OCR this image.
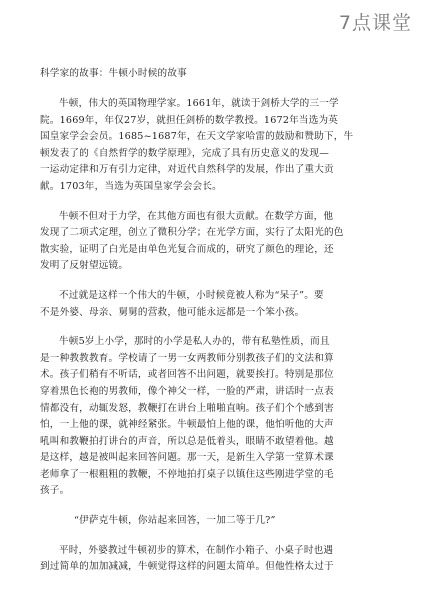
7点课堂
科学家的故事：牛顿小时候的故事
牛顿，伟大的英国物理学家。1661年，就读于剑桥大学的三一学
院。1669年，年仅27岁，就担任剑桥的数学教授。1672年当选为英
国皇家学会会员。1685~1687年，在天文学家哈雷的鼓励和赞助下，牛
顿发表了的《自然哲学的数学原理》，完成了具有历史意义的发现—
一运动定律和万有引力定律，对近代自然科学的发展，作出了重大贡
献。1703年，当选为英国皇家学会会长。
牛顿不但对于力学，在其他方面也有很大贡献。在数学方面，他
发现了二项式定理，创立了微积分学；在光学方面，实行了太阳光的色
散实验，证明了白光是由单色光复合而成的，研究了颜色的理论，还
发明了反射望远镜。
不过就是这样一个伟大的牛顿，小时候竟被人称为“呆子”。要
不是外婆、母亲、舅舅的营救，他可能永远都是一个笨小孩。
牛顿5岁上小学，那时的小学是私人办的，带有私塾性质，而且
是一种教教教育。学校请了一男一女两教师分别教孩子们的文法和算
术。孩子们稍有不听话，或者回答不出问题，就要挨打。特别是那位
穿着黑色长袍的男教师，像个神父一样，一脸的严肃，讲话时一点表
情都没有，动辄发怒，教鞭打在讲台上啪啪直响。孩子们个个感到害
怕，一上他的课，就神经紧张。牛顿最怕上他的课，他怕听他的大声
吼叫和教鞭拍打讲台的声音，所以总是低着头，眼睛不敢望着他。越
是这样，越是被叫起来回答问题。那一天，是新生入学第一堂算术课
老师拿了一根粗粗的教鞭，不停地拍打桌子以镇住这些刚进学堂的毛
孩子。
“伊萨克牛顿，你站起来回答，一加二等于几?”
平时，外婆教过牛顿初步的算术，在制作小箱子、小桌子时也遇
到过简单的加加减减，牛顿觉得这样的问题太简单。但他性格太过于
